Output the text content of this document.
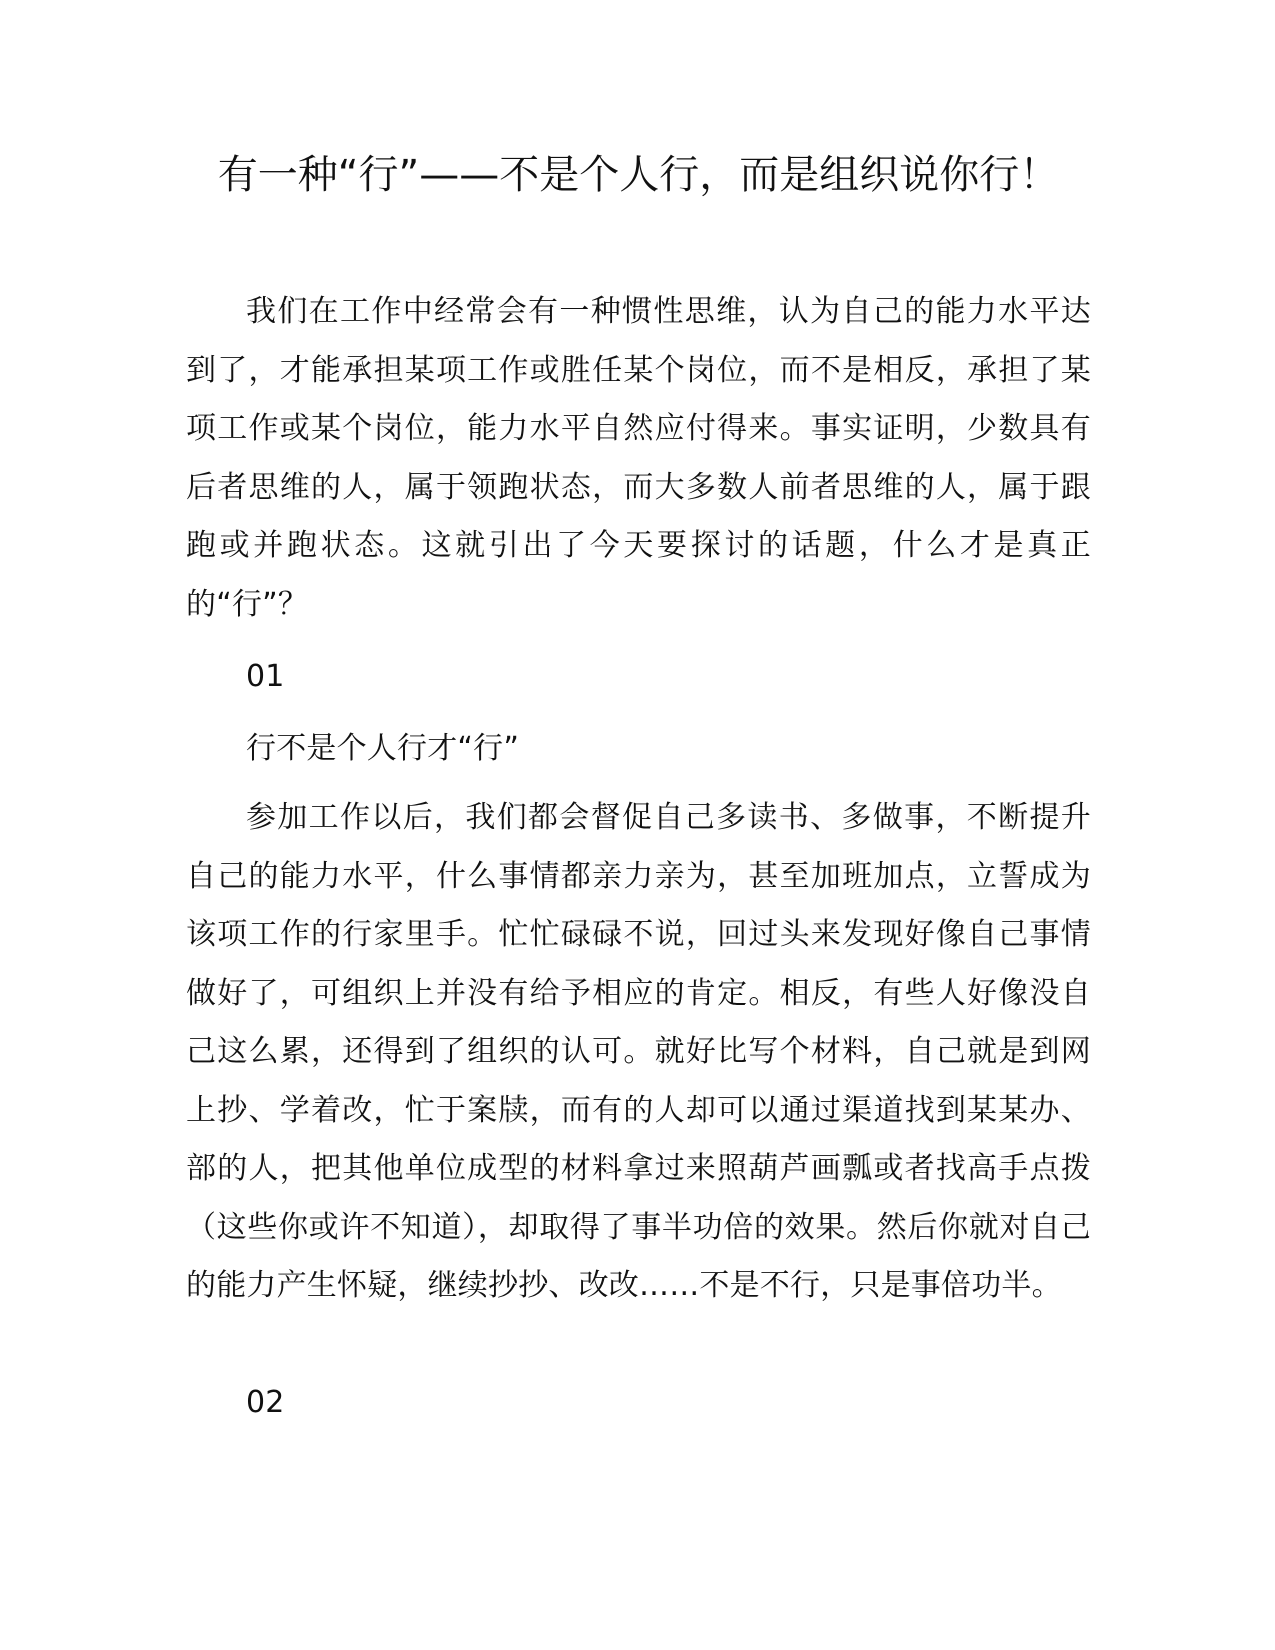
有一种“行”——不是个人行，而是组织说你行！

我们在工作中经常会有一种惯性思维，认为自己的能力水平达到了，才能承担某项工作或胜任某个岗位，而不是相反，承担了某项工作或某个岗位，能力水平自然应付得来。事实证明，少数具有后者思维的人，属于领跑状态，而大多数人前者思维的人，属于跟跑或并跑状态。这就引出了今天要探讨的话题，什么才是真正的“行”？

01

行不是个人行才“行”

参加工作以后，我们都会督促自己多读书、多做事，不断提升自己的能力水平，什么事情都亲力亲为，甚至加班加点，立誓成为该项工作的行家里手。忙忙碌碌不说，回过头来发现好像自己事情做好了，可组织上并没有给予相应的肯定。相反，有些人好像没自己这么累，还得到了组织的认可。就好比写个材料，自己就是到网上抄、学着改，忙于案牍，而有的人却可以通过渠道找到某某办、部的人，把其他单位成型的材料拿过来照葫芦画瓢或者找高手点拨（这些你或许不知道），却取得了事半功倍的效果。然后你就对自己的能力产生怀疑，继续抄抄、改改……不是不行，只是事倍功半。

02
